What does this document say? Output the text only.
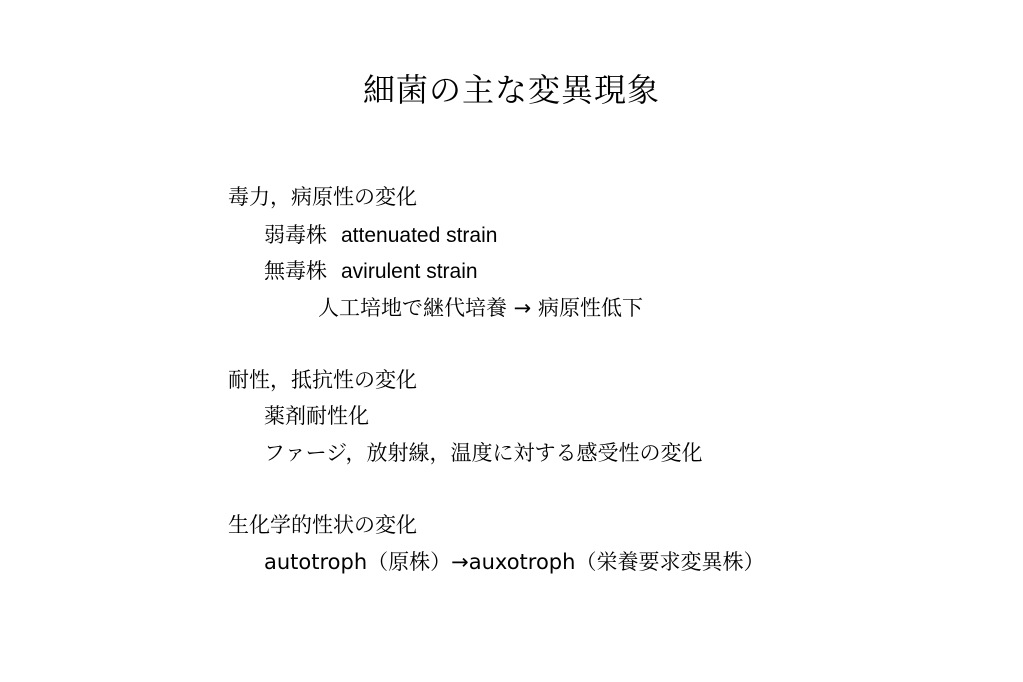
細菌の主な変異現象
毒力，病原性の変化
弱毒株 attenuated strain
無毒株 avirulent strain
人工培地で継代培養 → 病原性低下
耐性，抵抗性の変化
薬剤耐性化
ファージ，放射線，温度に対する感受性の変化
生化学的性状の変化
autotroph（原株）→auxotroph（栄養要求変異株）
